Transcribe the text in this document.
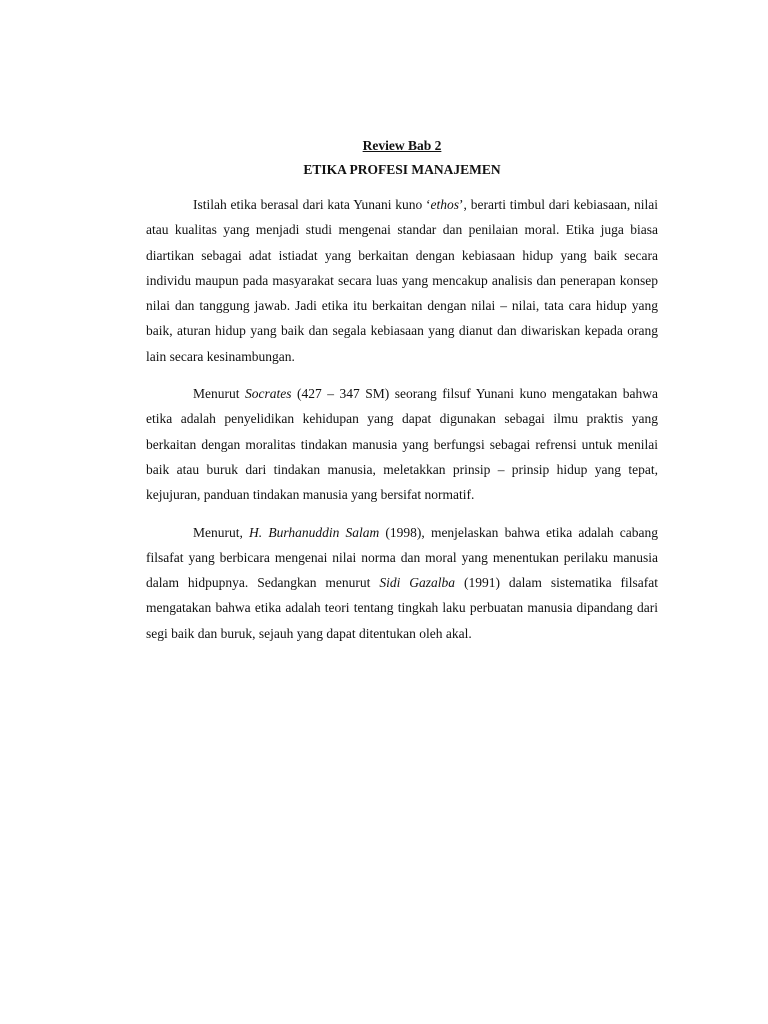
Review Bab 2
ETIKA PROFESI MANAJEMEN

Istilah etika berasal dari kata Yunani kuno ‘ethos’, berarti timbul dari kebiasaan, nilai atau kualitas yang menjadi studi mengenai standar dan penilaian moral. Etika juga biasa diartikan sebagai adat istiadat yang berkaitan dengan kebiasaan hidup yang baik secara individu maupun pada masyarakat secara luas yang mencakup analisis dan penerapan konsep nilai dan tanggung jawab. Jadi etika itu berkaitan dengan nilai – nilai, tata cara hidup yang baik, aturan hidup yang baik dan segala kebiasaan yang dianut dan diwariskan kepada orang lain secara kesinambungan.

Menurut Socrates (427 – 347 SM) seorang filsuf Yunani kuno mengatakan bahwa etika adalah penyelidikan kehidupan yang dapat digunakan sebagai ilmu praktis yang berkaitan dengan moralitas tindakan manusia yang berfungsi sebagai refrensi untuk menilai baik atau buruk dari tindakan manusia, meletakkan prinsip – prinsip hidup yang tepat, kejujuran, panduan tindakan manusia yang bersifat normatif.

Menurut, H. Burhanuddin Salam (1998), menjelaskan bahwa etika adalah cabang filsafat yang berbicara mengenai nilai norma dan moral yang menentukan perilaku manusia dalam hidpupnya. Sedangkan menurut Sidi Gazalba (1991) dalam sistematika filsafat mengatakan bahwa etika adalah teori tentang tingkah laku perbuatan manusia dipandang dari segi baik dan buruk, sejauh yang dapat ditentukan oleh akal.
